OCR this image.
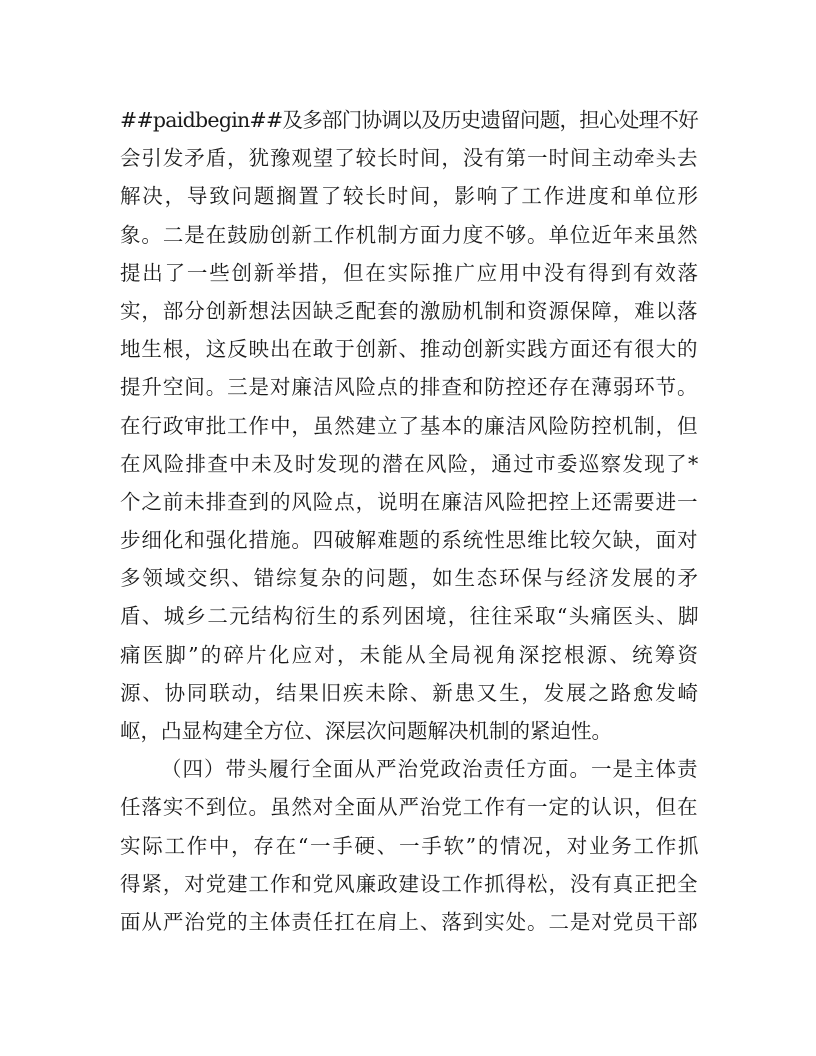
##paidbegin##及多部门协调以及历史遗留问题，担心处理不好
会引发矛盾，犹豫观望了较长时间，没有第一时间主动牵头去
解决，导致问题搁置了较长时间，影响了工作进度和单位形
象。二是在鼓励创新工作机制方面力度不够。单位近年来虽然
提出了一些创新举措，但在实际推广应用中没有得到有效落
实，部分创新想法因缺乏配套的激励机制和资源保障，难以落
地生根，这反映出在敢于创新、推动创新实践方面还有很大的
提升空间。三是对廉洁风险点的排查和防控还存在薄弱环节。
在行政审批工作中，虽然建立了基本的廉洁风险防控机制，但
在风险排查中未及时发现的潜在风险，通过市委巡察发现了*
个之前未排查到的风险点，说明在廉洁风险把控上还需要进一
步细化和强化措施。四破解难题的系统性思维比较欠缺，面对
多领域交织、错综复杂的问题，如生态环保与经济发展的矛
盾、城乡二元结构衍生的系列困境，往往采取“头痛医头、脚
痛医脚”的碎片化应对，未能从全局视角深挖根源、统筹资
源、协同联动，结果旧疾未除、新患又生，发展之路愈发崎
岖，凸显构建全方位、深层次问题解决机制的紧迫性。
（四）带头履行全面从严治党政治责任方面。一是主体责
任落实不到位。虽然对全面从严治党工作有一定的认识，但在
实际工作中，存在“一手硬、一手软”的情况，对业务工作抓
得紧，对党建工作和党风廉政建设工作抓得松，没有真正把全
面从严治党的主体责任扛在肩上、落到实处。二是对党员干部
